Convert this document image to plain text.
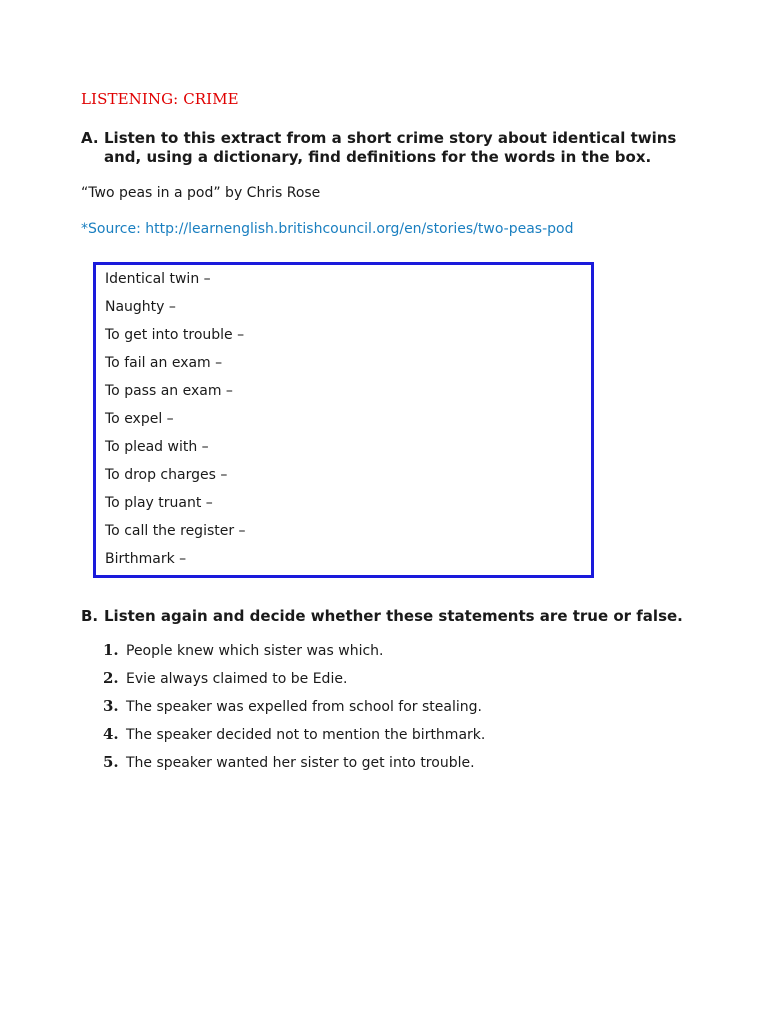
LISTENING: CRIME
A. Listen to this extract from a short crime story about identical twins and, using a dictionary, find definitions for the words in the box.
“Two peas in a pod” by Chris Rose
*Source: http://learnenglish.britishcouncil.org/en/stories/two-peas-pod
Identical twin –
Naughty –
To get into trouble –
To fail an exam –
To pass an exam –
To expel –
To plead with –
To drop charges –
To play truant –
To call the register –
Birthmark –
B. Listen again and decide whether these statements are true or false.
1. People knew which sister was which.
2. Evie always claimed to be Edie.
3. The speaker was expelled from school for stealing.
4. The speaker decided not to mention the birthmark.
5. The speaker wanted her sister to get into trouble.
